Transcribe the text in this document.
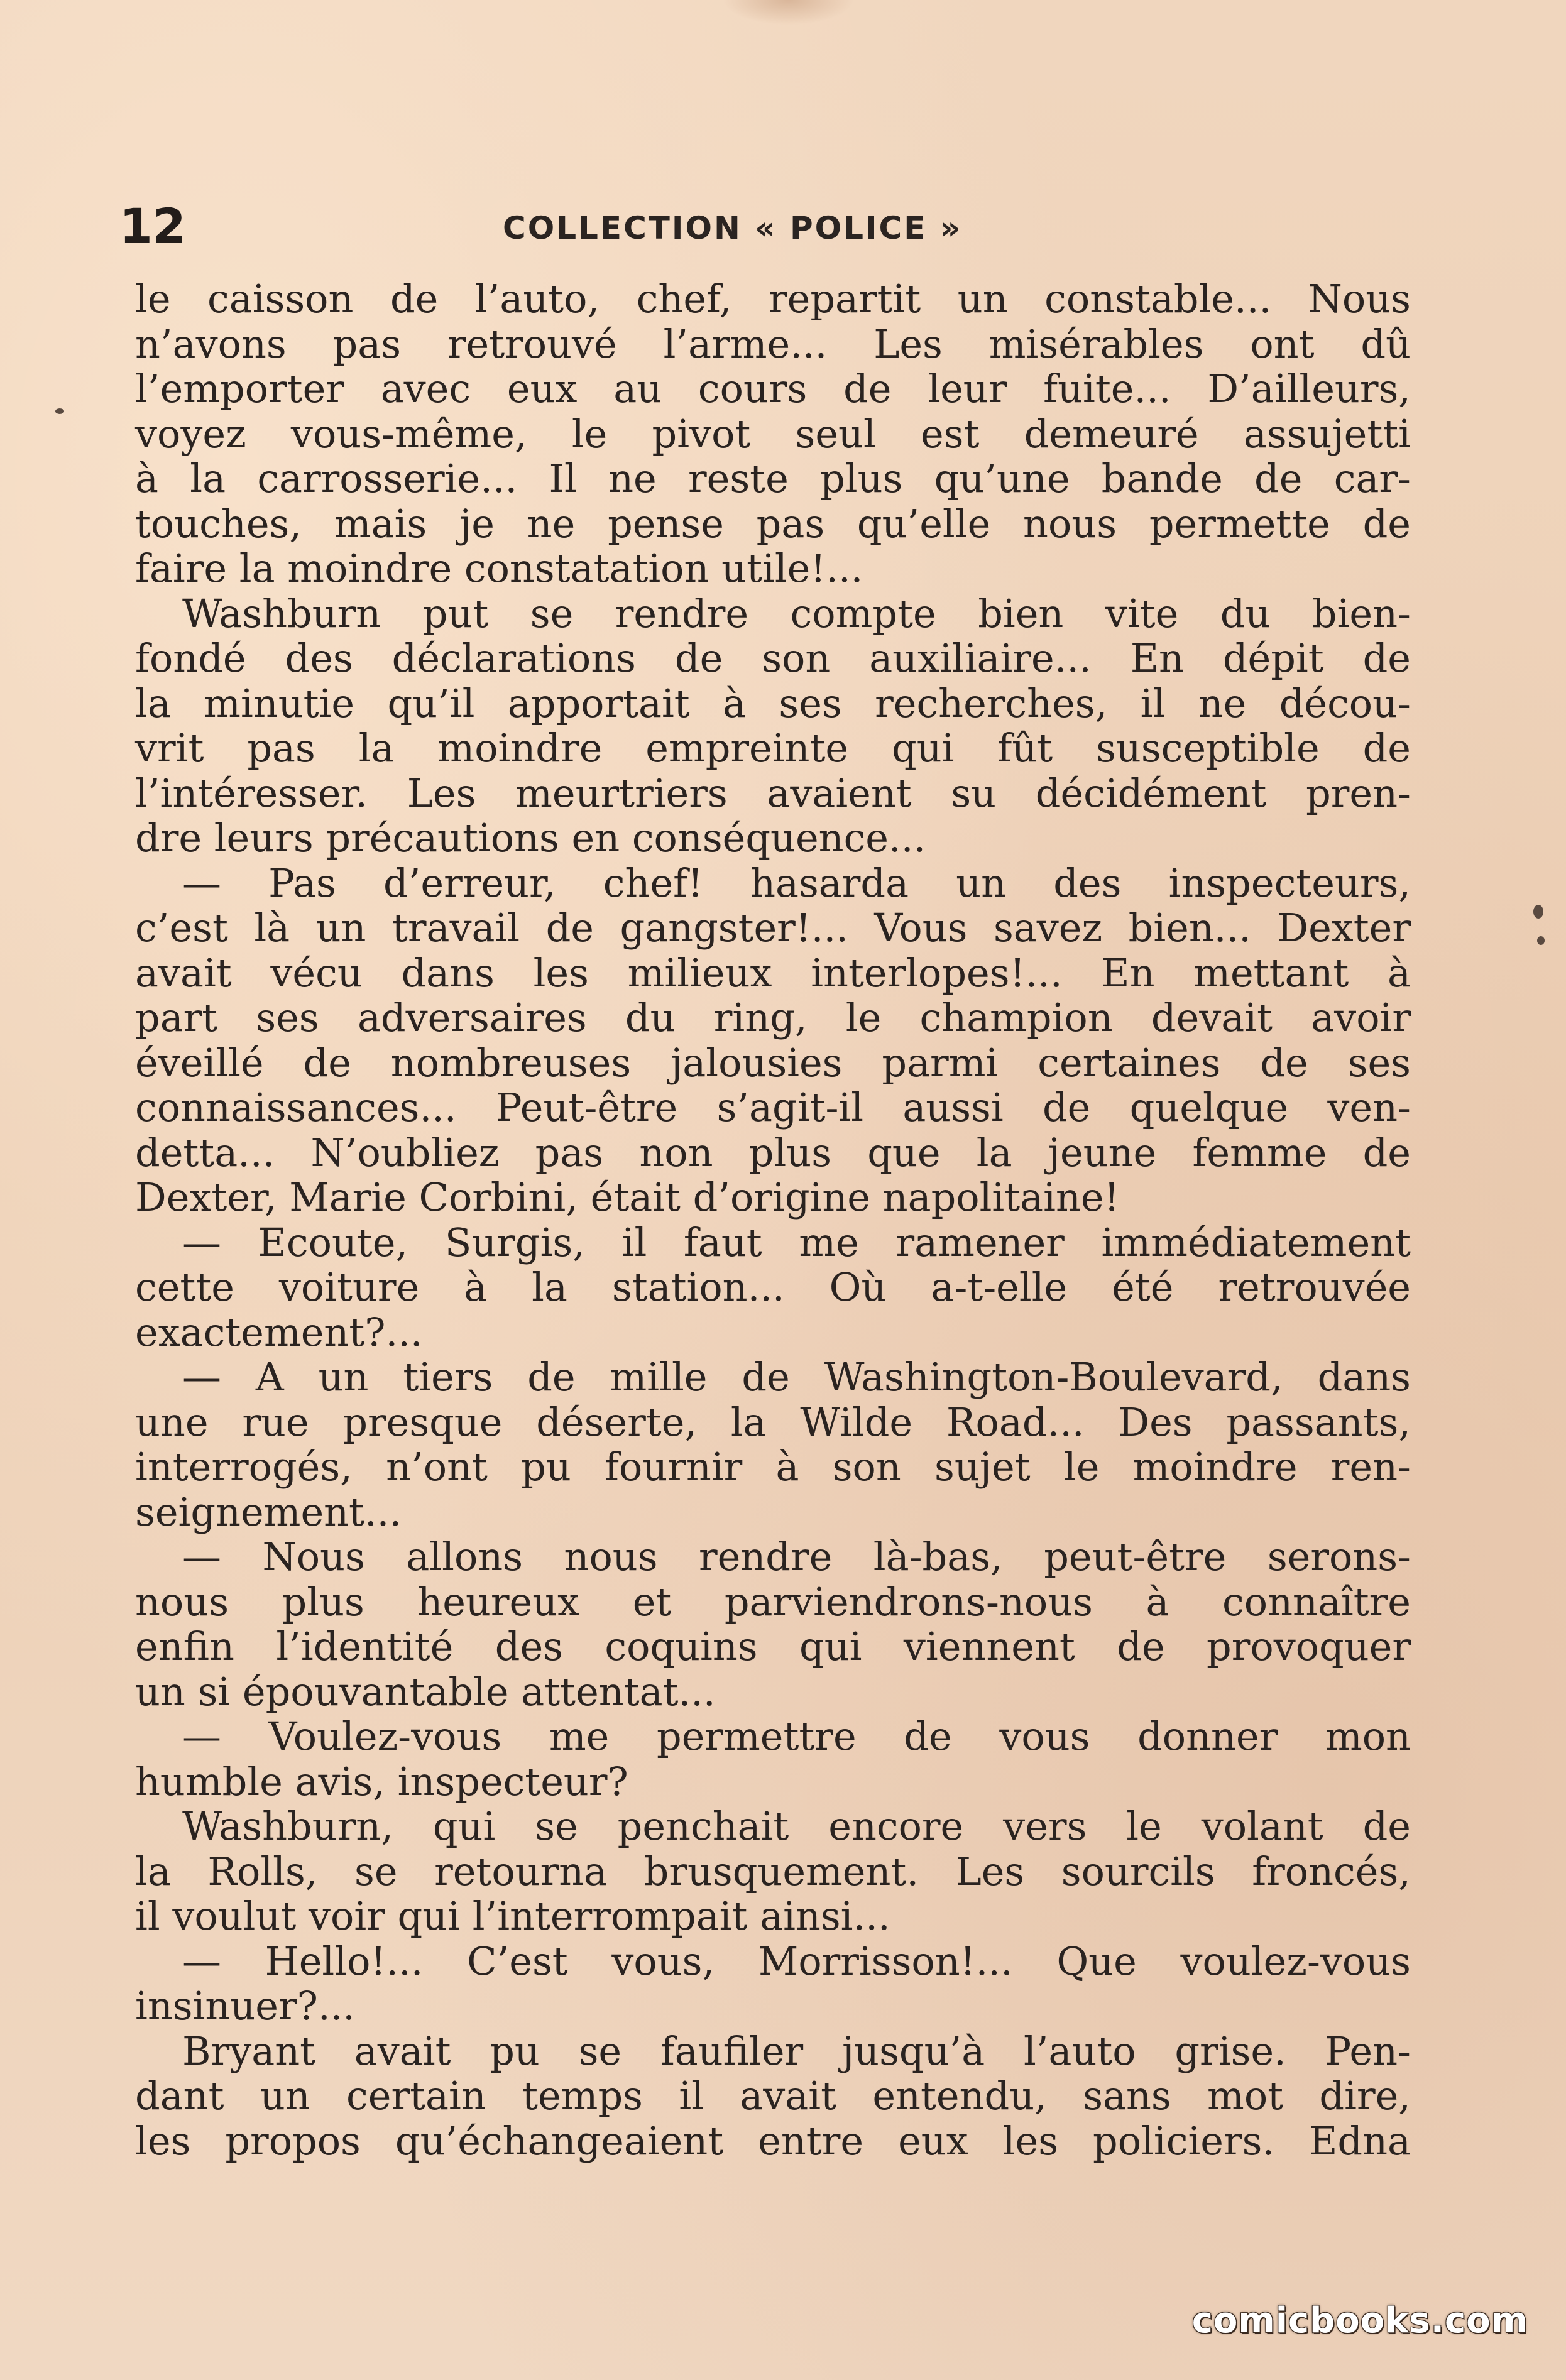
12	COLLECTION « POLICE »
le caisson de l’auto, chef, repartit un constable... Nous
n’avons pas retrouvé l’arme... Les misérables ont dû
l’emporter avec eux au cours de leur fuite... D’ailleurs,
voyez vous-même, le pivot seul est demeuré assujetti
à la carrosserie... Il ne reste plus qu’une bande de car-
touches, mais je ne pense pas qu’elle nous permette de
faire la moindre constatation utile!...
Washburn put se rendre compte bien vite du bien-
fondé des déclarations de son auxiliaire... En dépit de
la minutie qu’il apportait à ses recherches, il ne décou-
vrit pas la moindre empreinte qui fût susceptible de
l’intéresser. Les meurtriers avaient su décidément pren-
dre leurs précautions en conséquence...
— Pas d’erreur, chef! hasarda un des inspecteurs,
c’est là un travail de gangster!... Vous savez bien... Dexter
avait vécu dans les milieux interlopes!... En mettant à
part ses adversaires du ring, le champion devait avoir
éveillé de nombreuses jalousies parmi certaines de ses
connaissances... Peut-être s’agit-il aussi de quelque ven-
detta... N’oubliez pas non plus que la jeune femme de
Dexter, Marie Corbini, était d’origine napolitaine!
— Ecoute, Surgis, il faut me ramener immédiatement
cette voiture à la station... Où a-t-elle été retrouvée
exactement?...
— A un tiers de mille de Washington-Boulevard, dans
une rue presque déserte, la Wilde Road... Des passants,
interrogés, n’ont pu fournir à son sujet le moindre ren-
seignement...
— Nous allons nous rendre là-bas, peut-être serons-
nous plus heureux et parviendrons-nous à connaître
enfin l’identité des coquins qui viennent de provoquer
un si épouvantable attentat...
— Voulez-vous me permettre de vous donner mon
humble avis, inspecteur?
Washburn, qui se penchait encore vers le volant de
la Rolls, se retourna brusquement. Les sourcils froncés,
il voulut voir qui l’interrompait ainsi...
— Hello!... C’est vous, Morrisson!... Que voulez-vous
insinuer?...
Bryant avait pu se faufiler jusqu’à l’auto grise. Pen-
dant un certain temps il avait entendu, sans mot dire,
les propos qu’échangeaient entre eux les policiers. Edna
comicbooks.com
